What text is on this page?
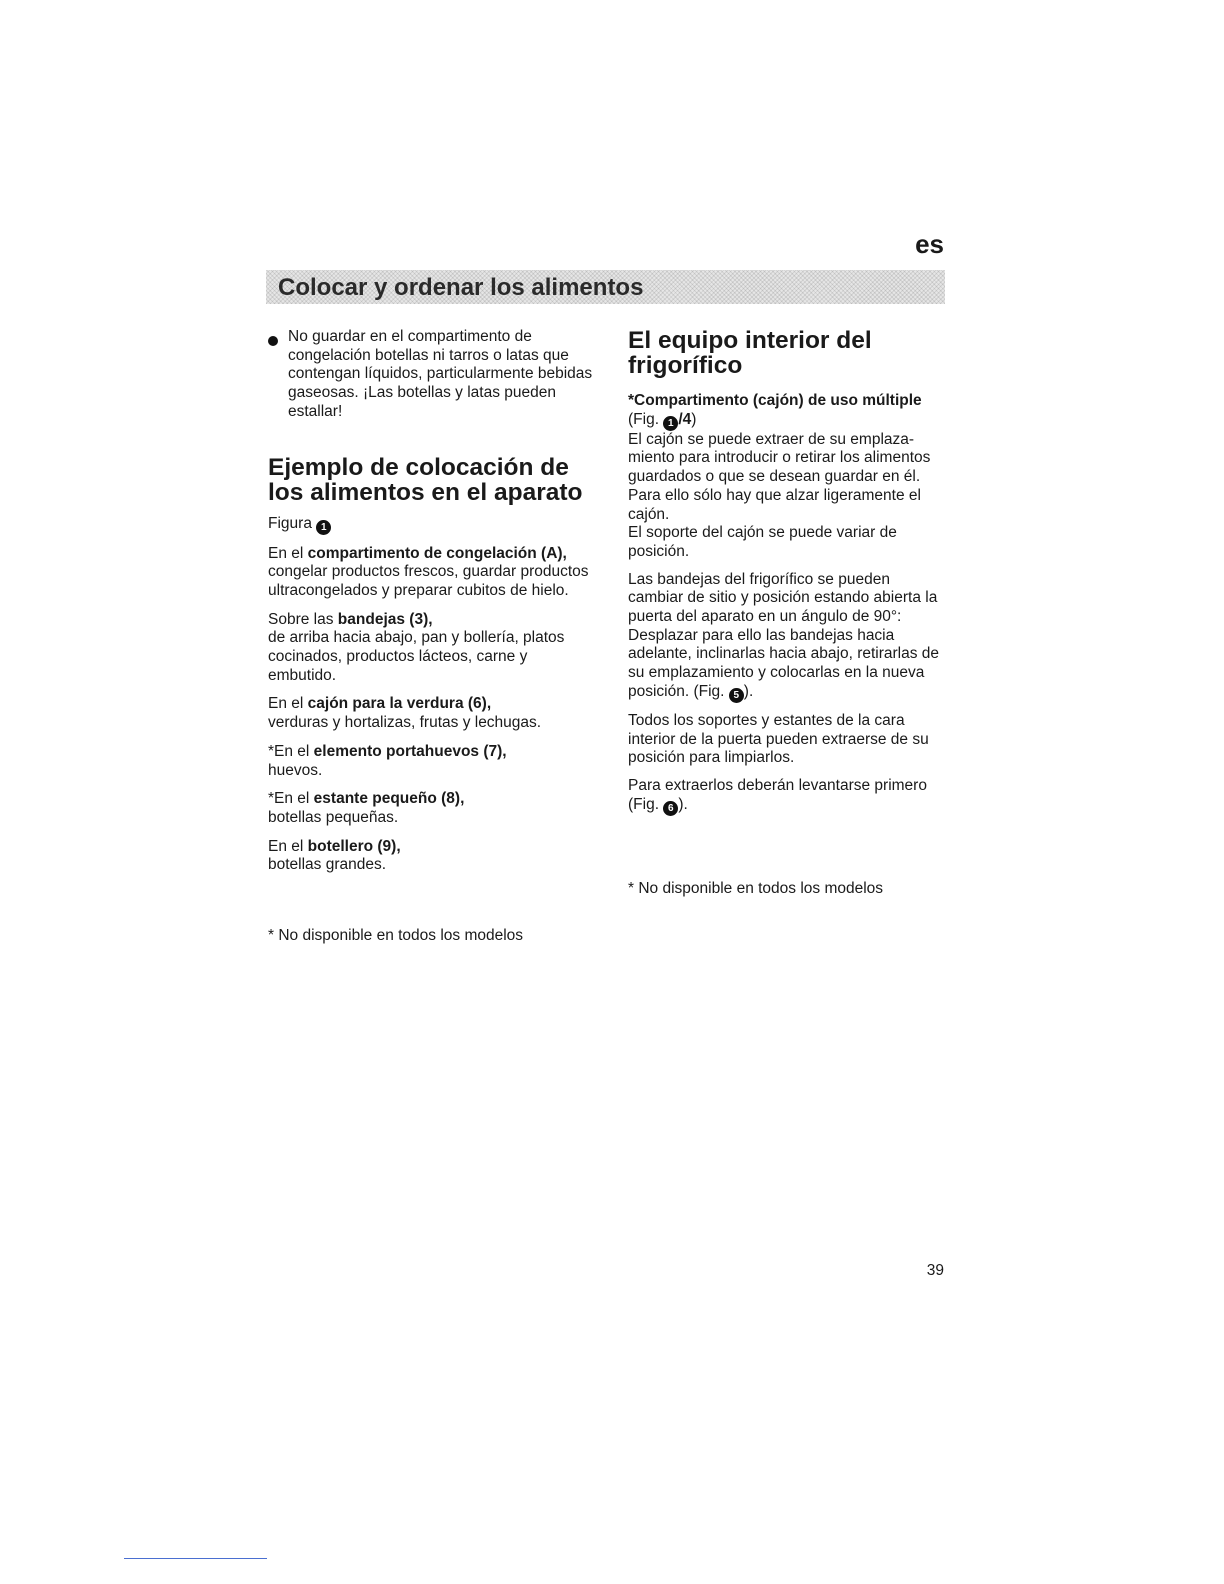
es
Colocar y ordenar los alimentos

No guardar en el compartimento de congelación botellas ni tarros o latas que contengan líquidos, particularmente bebidas gaseosas. ¡Las botellas y latas pueden estallar!

Ejemplo de colocación de los alimentos en el aparato

Figura 1

En el compartimento de congelación (A),

congelar productos frescos, guardar productos ultracongelados y preparar cubitos de hielo.

Sobre las bandejas (3),

de arriba hacia abajo, pan y bollería, platos cocinados, productos lácteos, carne y embutido.

En el cajón para la verdura (6),

verduras y hortalizas, frutas y lechugas.

*En el elemento portahuevos (7),

huevos.

*En el estante pequeño (8),

botellas pequeñas.

En el botellero (9),

botellas grandes.

* No disponible en todos los modelos
El equipo interior del frigorífico

*Compartimento (cajón) de uso múltiple

(Fig. 1 /4)

El cajón se puede extraer de su emplaza-miento para introducir o retirar los alimentos guardados o que se desean guardar en él. Para ello sólo hay que alzar ligeramente el cajón.

El soporte del cajón se puede variar de posición.

Las bandejas del frigorífico se pueden cambiar de sitio y posición estando abierta la puerta del aparato en un ángulo de 90°: Desplazar para ello las bandejas hacia adelante, inclinarlas hacia abajo, retirarlas de su emplazamiento y colocarlas en la nueva posición. (Fig. 5 ).

Todos los soportes y estantes de la cara interior de la puerta pueden extraerse de su posición para limpiarlos.

Para extraerlos deberán levantarse primero (Fig. 6 ).

* No disponible en todos los modelos
39
